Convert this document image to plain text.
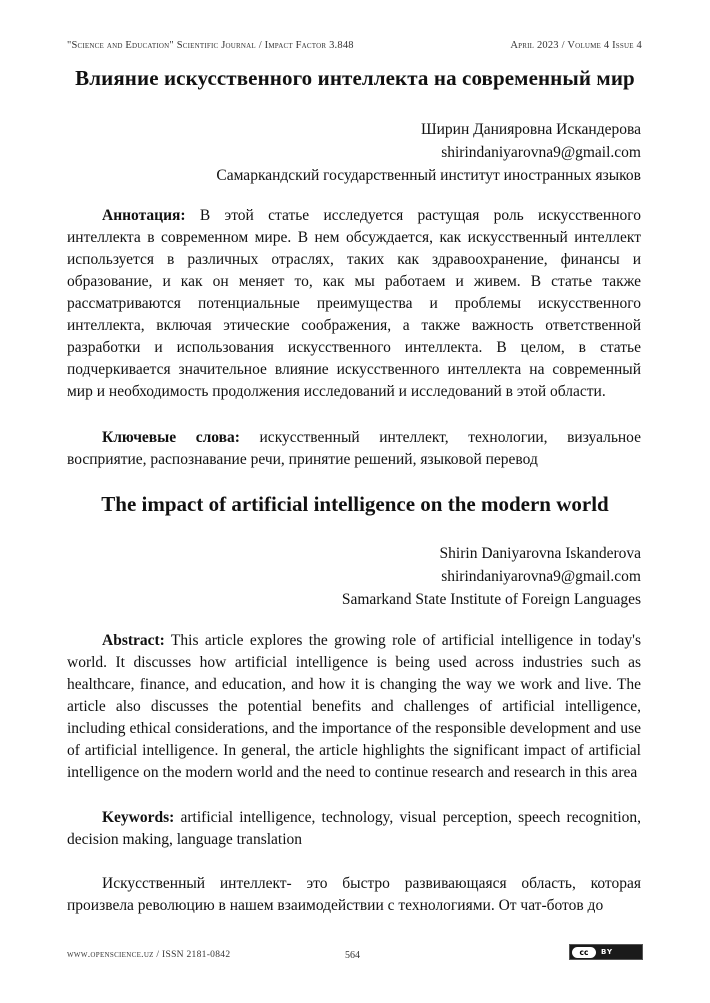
"Science and Education" Scientific Journal / Impact Factor 3.848	April 2023 / Volume 4 Issue 4
Влияние искусственного интеллекта на современный мир
Ширин Данияровна Искандерова
shirindaniyarovna9@gmail.com
Самаркандский государственный институт иностранных языков
Аннотация: В этой статье исследуется растущая роль искусственного интеллекта в современном мире. В нем обсуждается, как искусственный интеллект используется в различных отраслях, таких как здравоохранение, финансы и образование, и как он меняет то, как мы работаем и живем. В статье также рассматриваются потенциальные преимущества и проблемы искусственного интеллекта, включая этические соображения, а также важность ответственной разработки и использования искусственного интеллекта. В целом, в статье подчеркивается значительное влияние искусственного интеллекта на современный мир и необходимость продолжения исследований и исследований в этой области.
Ключевые слова: искусственный интеллект, технологии, визуальное восприятие, распознавание речи, принятие решений, языковой перевод
The impact of artificial intelligence on the modern world
Shirin Daniyarovna Iskanderova
shirindaniyarovna9@gmail.com
Samarkand State Institute of Foreign Languages
Abstract: This article explores the growing role of artificial intelligence in today's world. It discusses how artificial intelligence is being used across industries such as healthcare, finance, and education, and how it is changing the way we work and live. The article also discusses the potential benefits and challenges of artificial intelligence, including ethical considerations, and the importance of the responsible development and use of artificial intelligence. In general, the article highlights the significant impact of artificial intelligence on the modern world and the need to continue research and research in this area
Keywords: artificial intelligence, technology, visual perception, speech recognition, decision making, language translation
Искусственный интеллект- это быстро развивающаяся область, которая произвела революцию в нашем взаимодействии с технологиями. От чат-ботов до
www.openscience.uz / ISSN 2181-0842	564	cc	BY
